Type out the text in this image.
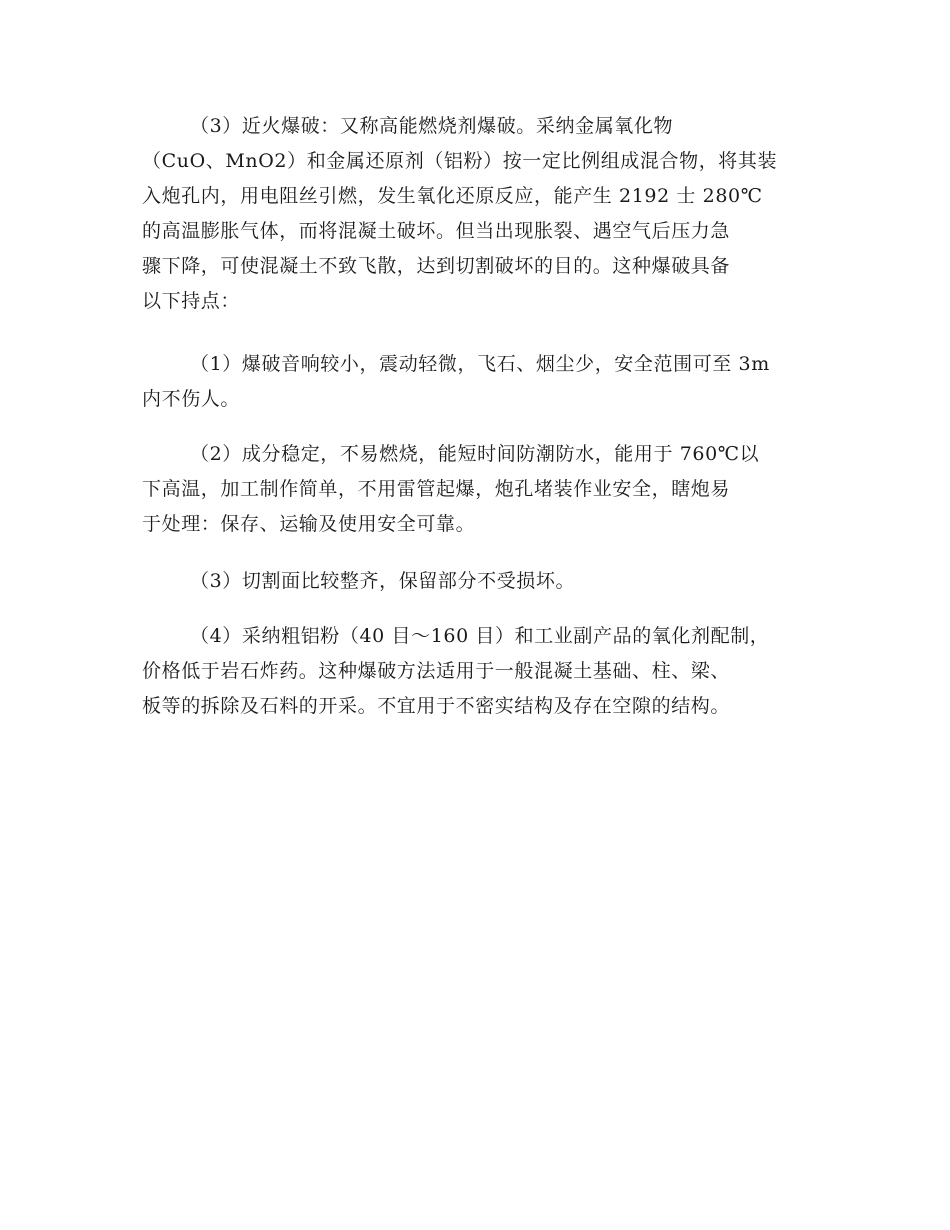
（3）近火爆破：又称高能燃烧剂爆破。采纳金属氧化物
（CuO、MnO2）和金属还原剂（铝粉）按一定比例组成混合物，将其装
入炮孔内，用电阻丝引燃，发生氧化还原反应，能产生 2192 士 280℃
的高温膨胀气体，而将混凝土破坏。但当出现胀裂、遇空气后压力急
骤下降，可使混凝土不致飞散，达到切割破坏的目的。这种爆破具备
以下持点：
（1）爆破音响较小，震动轻微，飞石、烟尘少，安全范围可至 3m
内不伤人。
（2）成分稳定，不易燃烧，能短时间防潮防水，能用于 760℃以
下高温，加工制作简单，不用雷管起爆，炮孔堵装作业安全，瞎炮易
于处理：保存、运输及使用安全可靠。
（3）切割面比较整齐，保留部分不受损坏。
（4）采纳粗铝粉（40 目～160 目）和工业副产品的氧化剂配制，
价格低于岩石炸药。这种爆破方法适用于一般混凝土基础、柱、梁、
板等的拆除及石料的开采。不宜用于不密实结构及存在空隙的结构。
